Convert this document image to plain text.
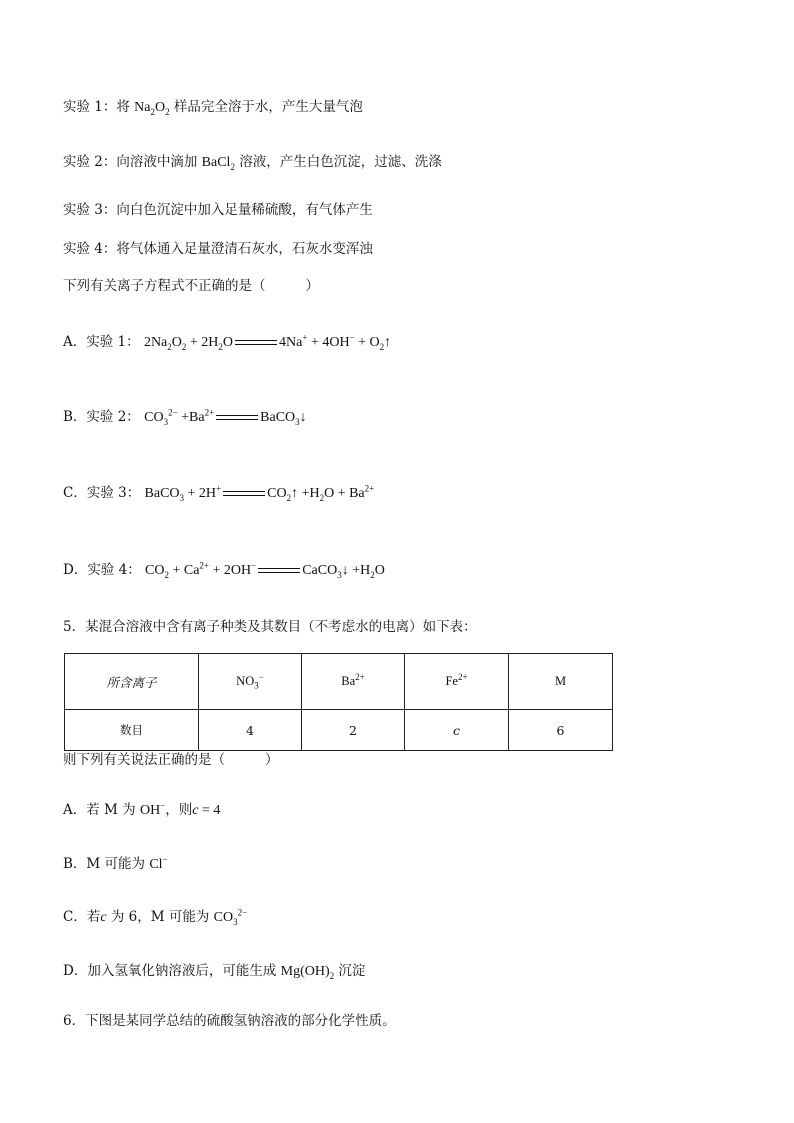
实验 1：将 $Na_2O_2$ 样品完全溶于水，产生大量气泡
实验 2：向溶液中滴加 BaCl$_2$ 溶液，产生白色沉淀，过滤、洗涤
实验 3：向白色沉淀中加入足量稀硫酸，有气体产生
实验 4：将气体通入足量澄清石灰水，石灰水变浑浊
下列有关离子方程式不正确的是（	）
A．实验 1： $2Na_2O_2 + 2H_2O$	$4Na^+ + 4OH^- + O_2↑$
B．实验 2： $CO_3^{2-} +Ba^{2+}$	BaCO$_3$↓
C．实验 3： BaCO$_3$ + 2H+	$CO_2↑ +H_2O + Ba^{2+}$
D．实验 4： $CO_2 + Ca^{2+} + 2OH^-$	CaCO$_3$↓ $+H_2O$
5．某混合溶液中含有离子种类及其数目（不考虑水的电离）如下表：
所含离子	$NO_3^-$	$Ba^{2+}$	$Fe^{2+}$	M
数目	4	2	c	6
则下列有关说法正确的是（	）
A．若 M 为 OH−，则c = 4
B．M 可能为 Cl−
C．若c 为 6，M 可能为 $CO_3^{2-}$
D．加入氢氧化钠溶液后，可能生成 $Mg(OH)_2$ 沉淀
6．下图是某同学总结的硫酸氢钠溶液的部分化学性质。
